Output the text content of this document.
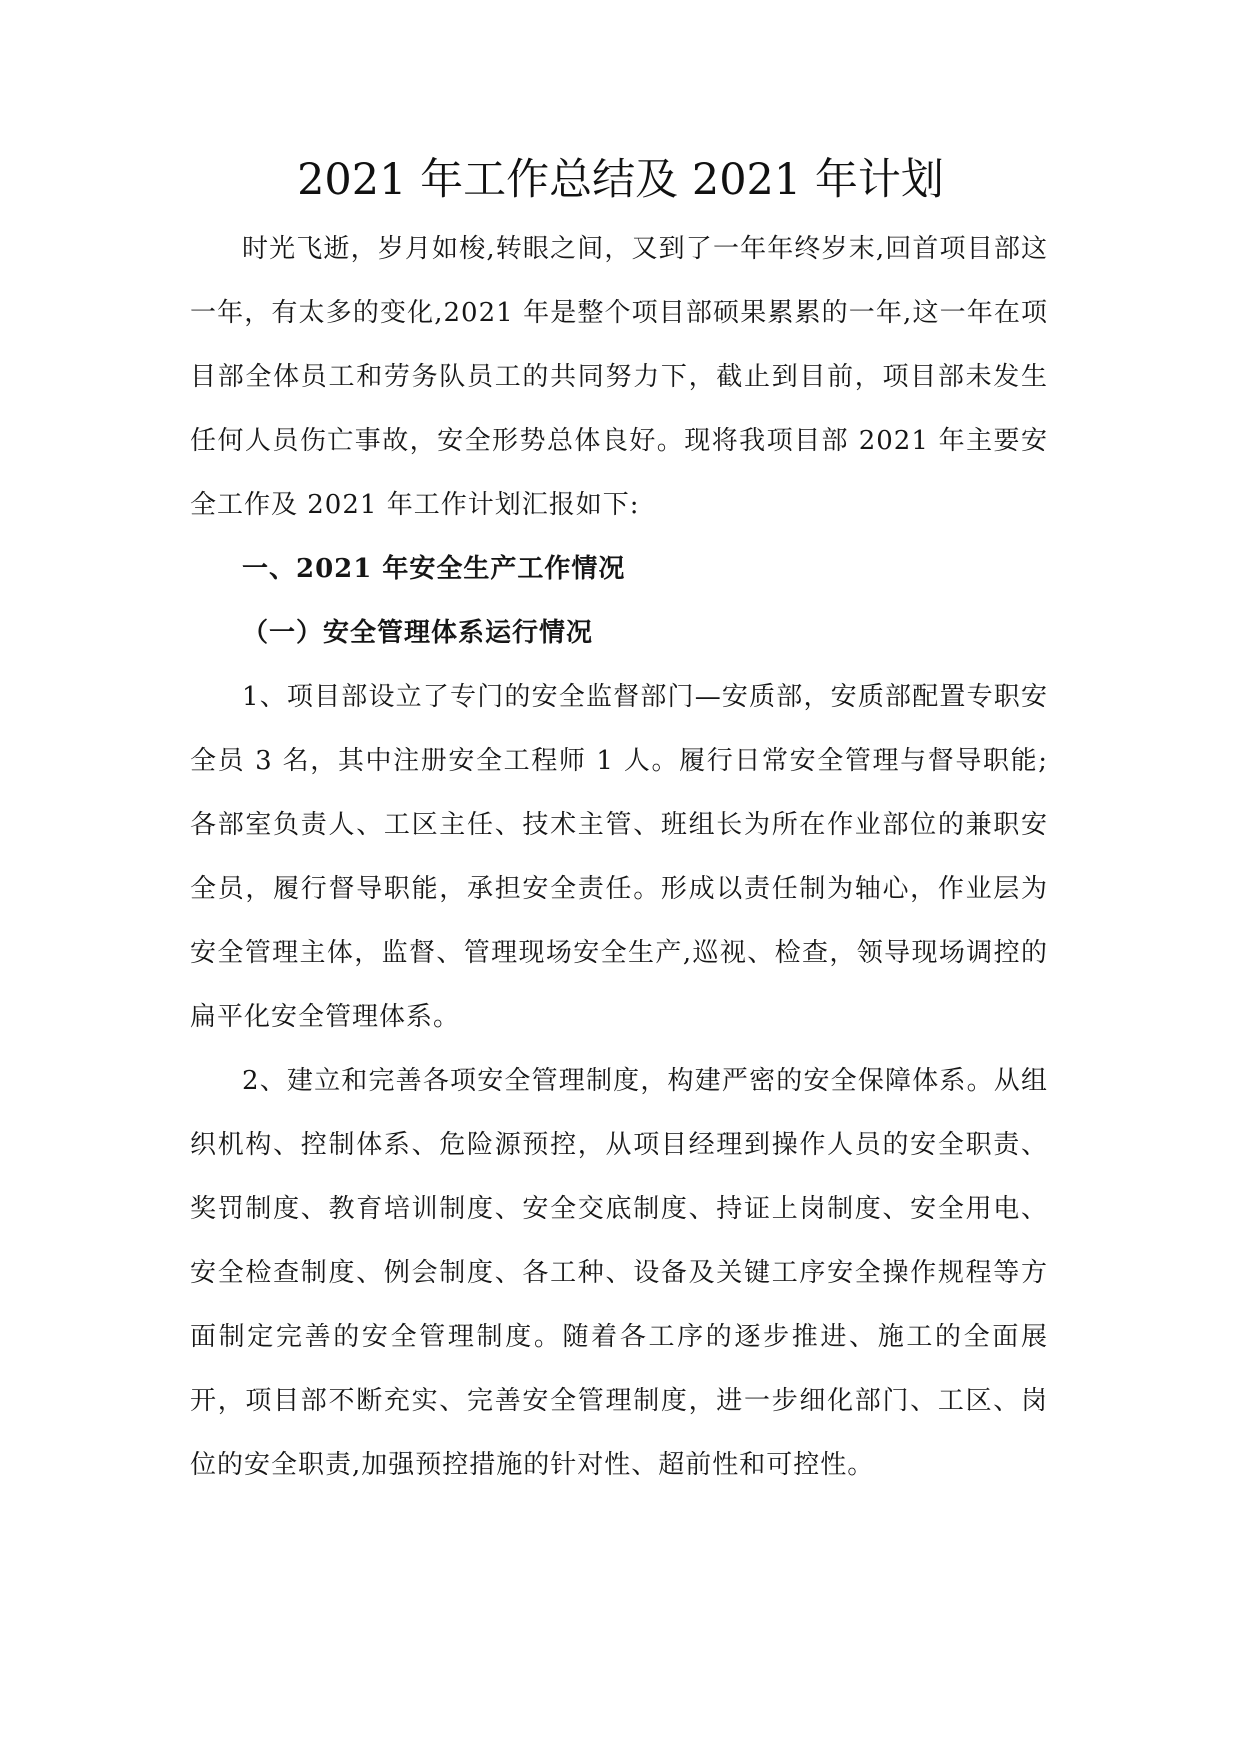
2021 年工作总结及 2021 年计划

时光飞逝，岁月如梭,转眼之间，又到了一年年终岁末,回首项目部这一年，有太多的变化,2021 年是整个项目部硕果累累的一年,这一年在项目部全体员工和劳务队员工的共同努力下，截止到目前，项目部未发生任何人员伤亡事故，安全形势总体良好。现将我项目部 2021 年主要安全工作及 2021 年工作计划汇报如下:

一、2021 年安全生产工作情况

（一）安全管理体系运行情况

1、项目部设立了专门的安全监督部门—安质部，安质部配置专职安全员 3 名，其中注册安全工程师 1 人。履行日常安全管理与督导职能;各部室负责人、工区主任、技术主管、班组长为所在作业部位的兼职安全员，履行督导职能，承担安全责任。形成以责任制为轴心，作业层为安全管理主体，监督、管理现场安全生产,巡视、检查，领导现场调控的扁平化安全管理体系。

2、建立和完善各项安全管理制度，构建严密的安全保障体系。从组织机构、控制体系、危险源预控，从项目经理到操作人员的安全职责、奖罚制度、教育培训制度、安全交底制度、持证上岗制度、安全用电、安全检查制度、例会制度、各工种、设备及关键工序安全操作规程等方面制定完善的安全管理制度。随着各工序的逐步推进、施工的全面展开，项目部不断充实、完善安全管理制度，进一步细化部门、工区、岗位的安全职责,加强预控措施的针对性、超前性和可控性。
